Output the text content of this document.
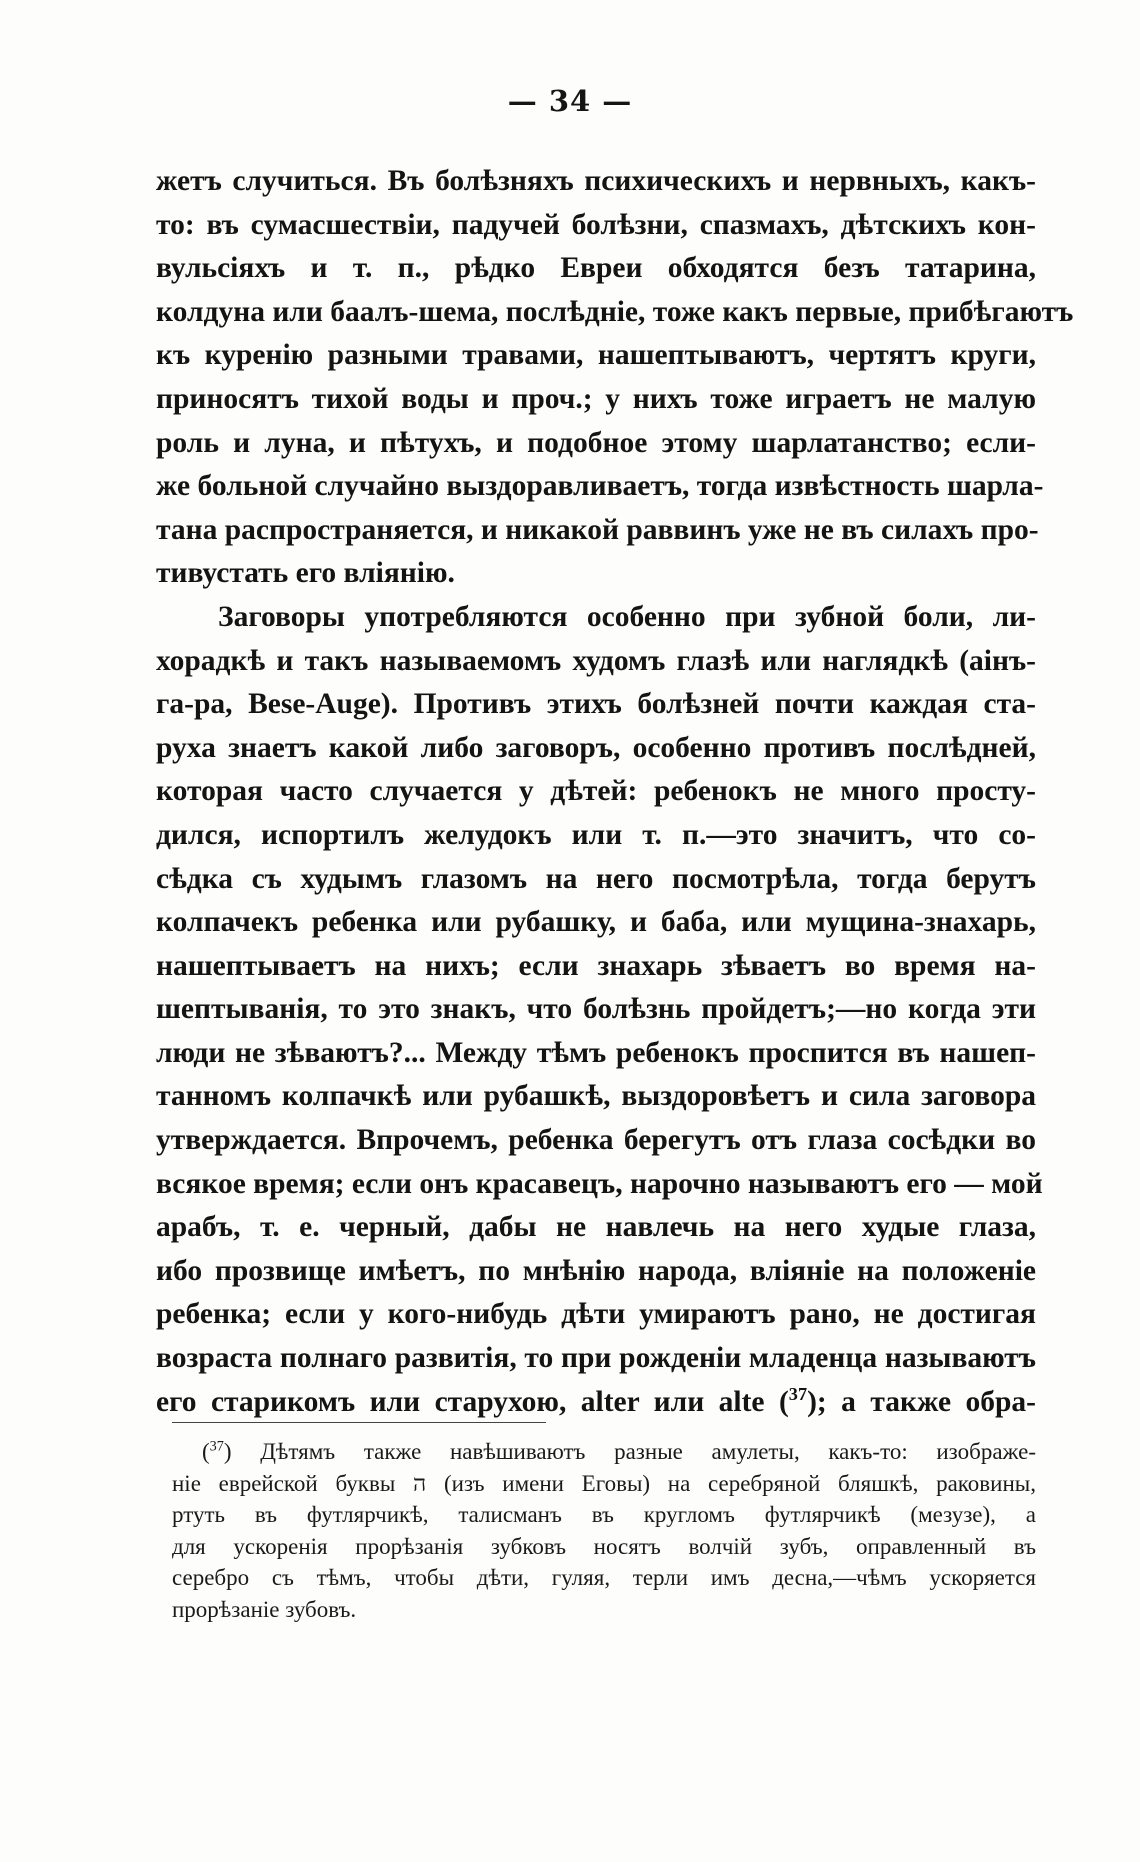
— 34 —
жетъ случиться. Въ болѣзняхъ психическихъ и нервныхъ, какъ-
то: въ сумасшествіи, падучей болѣзни, спазмахъ, дѣтскихъ кон-
вульсіяхъ и т. п., рѣдко Евреи обходятся безъ татарина,
колдуна или баалъ-шема, послѣдніе, тоже какъ первые, прибѣгаютъ
къ куренію разными травами, нашептываютъ, чертятъ круги,
приносятъ тихой воды и проч.; у нихъ тоже играетъ не малую
роль и луна, и пѣтухъ, и подобное этому шарлатанство; если-
же больной случайно выздоравливаетъ, тогда извѣстность шарла-
тана распространяется, и никакой раввинъ уже не въ силахъ про-
тивустать его вліянію.
Заговоры употребляются особенно при зубной боли, ли-
хорадкѣ и такъ называемомъ худомъ глазѣ или наглядкѣ (аінъ-
га-ра, Bese-Auge). Противъ этихъ болѣзней почти каждая ста-
руха знаетъ какой либо заговоръ, особенно противъ послѣдней,
которая часто случается у дѣтей: ребенокъ не много просту-
дился, испортилъ желудокъ или т. п.—это значитъ, что со-
сѣдка съ худымъ глазомъ на него посмотрѣла, тогда берутъ
колпачекъ ребенка или рубашку, и баба, или мущина-знахарь,
нашептываетъ на нихъ; если знахарь зѣваетъ во время на-
шептыванія, то это знакъ, что болѣзнь пройдетъ;—но когда эти
люди не зѣваютъ?... Между тѣмъ ребенокъ проспится въ нашеп-
танномъ колпачкѣ или рубашкѣ, выздоровѣетъ и сила заговора
утверждается. Впрочемъ, ребенка берегутъ отъ глаза сосѣдки во
всякое время; если онъ красавецъ, нарочно называютъ его — мой
арабъ, т. е. черный, дабы не навлечь на него худые глаза,
ибо прозвище имѣетъ, по мнѣнію народа, вліяніе на положеніе
ребенка; если у кого-нибудь дѣти умираютъ рано, не достигая
возраста полнаго развитія, то при рожденіи младенца называютъ
его старикомъ или старухою, alter или alte ($^{37}$); а также обра-
($^{37}$) Дѣтямъ также навѣшиваютъ разные амулеты, какъ-то: изображе-
ніе еврейской буквы ה (изъ имени Еговы) на серебряной бляшкѣ, раковины,
ртуть въ футлярчикѣ, талисманъ въ кругломъ футлярчикѣ (мезузе), а
для ускоренія прорѣзанія зубковъ носятъ волчій зубъ, оправленный въ
серебро съ тѣмъ, чтобы дѣти, гуляя, терли имъ десна,—чѣмъ ускоряется
прорѣзаніе зубовъ.
